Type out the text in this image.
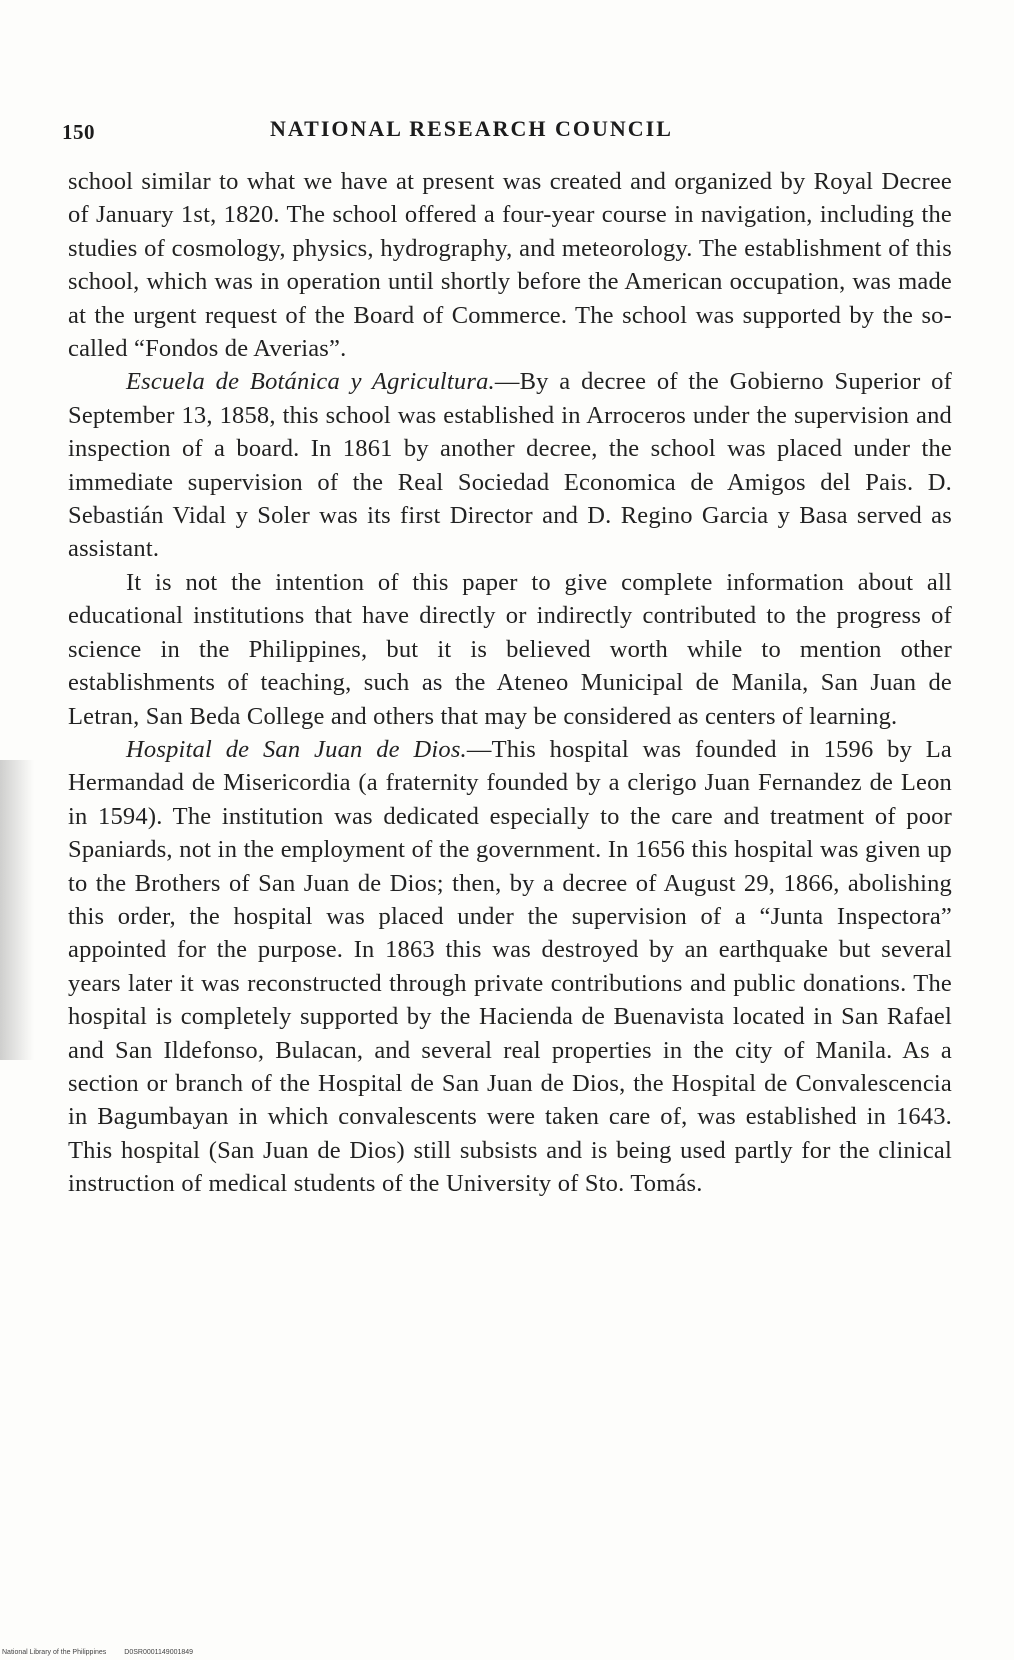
150	NATIONAL RESEARCH COUNCIL

school similar to what we have at present was created and organized by Royal Decree of January 1st, 1820. The school offered a four-year course in navigation, including the studies of cosmology, physics, hydrography, and meteorology. The establishment of this school, which was in operation until shortly before the American occupation, was made at the urgent request of the Board of Commerce. The school was supported by the so-called “Fondos de Averias”.

Escuela de Botánica y Agricultura.—By a decree of the Gobierno Superior of September 13, 1858, this school was established in Arroceros under the supervision and inspection of a board. In 1861 by another decree, the school was placed under the immediate supervision of the Real Sociedad Economica de Amigos del Pais. D. Sebastián Vidal y Soler was its first Director and D. Regino Garcia y Basa served as assistant.

It is not the intention of this paper to give complete information about all educational institutions that have directly or indirectly contributed to the progress of science in the Philippines, but it is believed worth while to mention other establishments of teaching, such as the Ateneo Municipal de Manila, San Juan de Letran, San Beda College and others that may be considered as centers of learning.

Hospital de San Juan de Dios.—This hospital was founded in 1596 by La Hermandad de Misericordia (a fraternity founded by a clerigo Juan Fernandez de Leon in 1594). The institution was dedicated especially to the care and treatment of poor Spaniards, not in the employment of the government. In 1656 this hospital was given up to the Brothers of San Juan de Dios; then, by a decree of August 29, 1866, abolishing this order, the hospital was placed under the supervision of a “Junta Inspectora” appointed for the purpose. In 1863 this was destroyed by an earthquake but several years later it was reconstructed through private contributions and public donations. The hospital is completely supported by the Hacienda de Buenavista located in San Rafael and San Ildefonso, Bulacan, and several real properties in the city of Manila. As a section or branch of the Hospital de San Juan de Dios, the Hospital de Convalescencia in Bagumbayan in which convalescents were taken care of, was established in 1643. This hospital (San Juan de Dios) still subsists and is being used partly for the clinical instruction of medical students of the University of Sto. Tomás.

National Library of the Philippines	D0SR0001149001849
